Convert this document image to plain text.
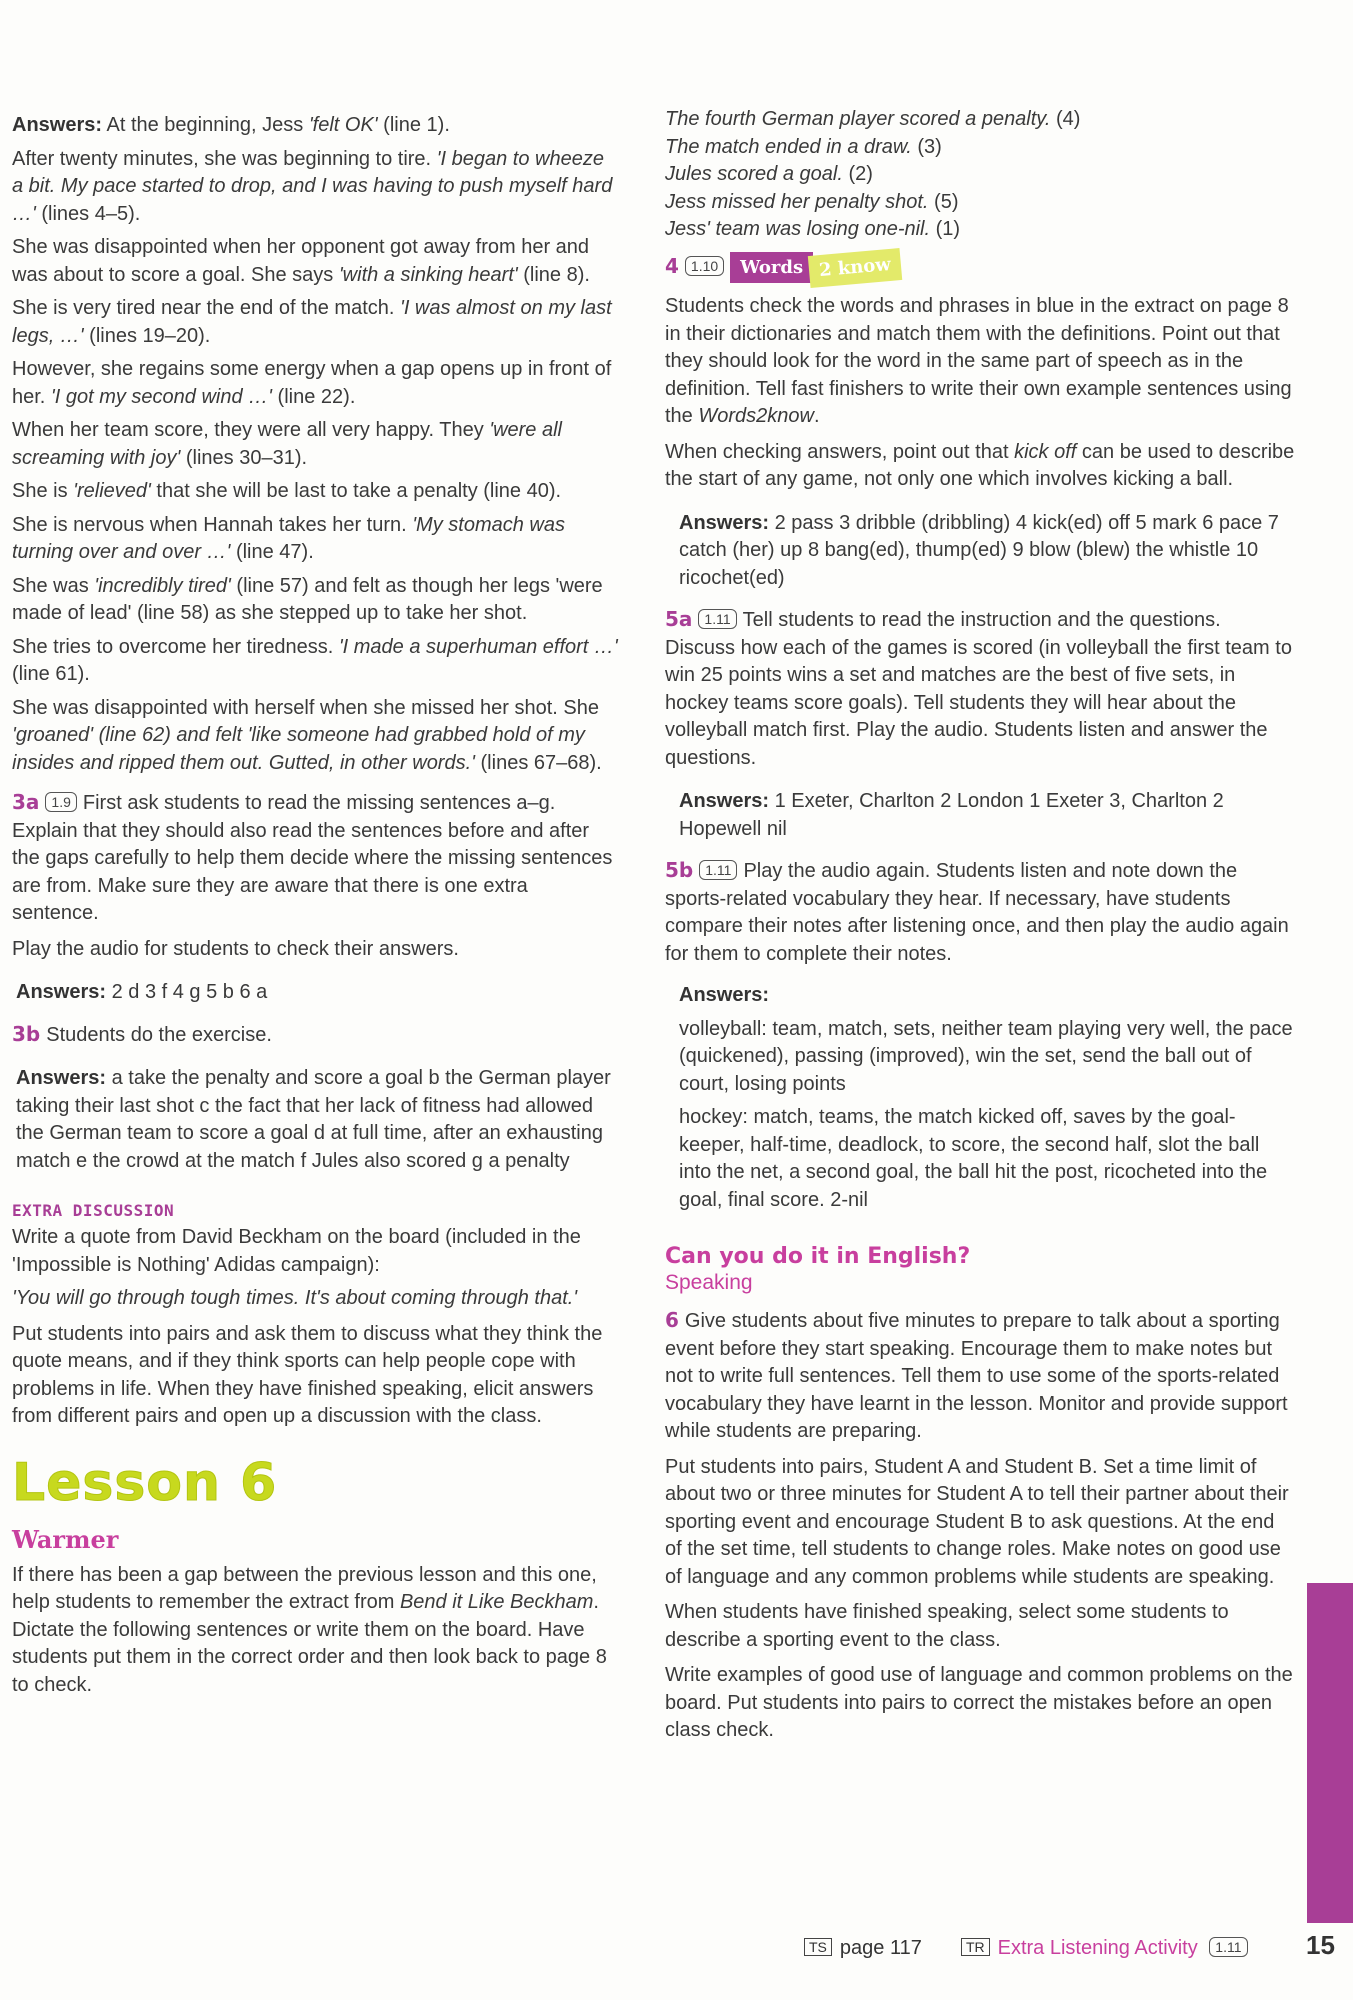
Answers: At the beginning, Jess 'felt OK' (line 1).

After twenty minutes, she was beginning to tire. 'I began to wheeze a bit. My pace started to drop, and I was having to push myself hard …' (lines 4–5).

She was disappointed when her opponent got away from her and was about to score a goal. She says 'with a sinking heart' (line 8).

She is very tired near the end of the match. 'I was almost on my last legs, …' (lines 19–20).

However, she regains some energy when a gap opens up in front of her. 'I got my second wind …' (line 22).

When her team score, they were all very happy. They 'were all screaming with joy' (lines 30–31).

She is 'relieved' that she will be last to take a penalty (line 40).

She is nervous when Hannah takes her turn. 'My stomach was turning over and over …' (line 47).

She was 'incredibly tired' (line 57) and felt as though her legs 'were made of lead' (line 58) as she stepped up to take her shot.

She tries to overcome her tiredness. 'I made a superhuman effort …' (line 61).

She was disappointed with herself when she missed her shot. She 'groaned' (line 62) and felt 'like someone had grabbed hold of my insides and ripped them out. Gutted, in other words.' (lines 67–68).

3a 1.9 First ask students to read the missing sentences a–g. Explain that they should also read the sentences before and after the gaps carefully to help them decide where the missing sentences are from. Make sure they are aware that there is one extra sentence.

Play the audio for students to check their answers.

Answers: 2 d 3 f 4 g 5 b 6 a

3b Students do the exercise.

Answers: a take the penalty and score a goal b the German player taking their last shot c the fact that her lack of fitness had allowed the German team to score a goal d at full time, after an exhausting match e the crowd at the match f Jules also scored g a penalty

EXTRA DISCUSSION

Write a quote from David Beckham on the board (included in the 'Impossible is Nothing' Adidas campaign):

'You will go through tough times. It's about coming through that.'

Put students into pairs and ask them to discuss what they think the quote means, and if they think sports can help people cope with problems in life. When they have finished speaking, elicit answers from different pairs and open up a discussion with the class.

Lesson 6
Warmer

If there has been a gap between the previous lesson and this one, help students to remember the extract from Bend it Like Beckham. Dictate the following sentences or write them on the board. Have students put them in the correct order and then look back to page 8 to check.

The fourth German player scored a penalty. (4)

The match ended in a draw. (3)

Jules scored a goal. (2)

Jess missed her penalty shot. (5)

Jess' team was losing one-nil. (1)

4 1.10 Words 2 know

Students check the words and phrases in blue in the extract on page 8 in their dictionaries and match them with the definitions. Point out that they should look for the word in the same part of speech as in the definition. Tell fast finishers to write their own example sentences using the Words2know.

When checking answers, point out that kick off can be used to describe the start of any game, not only one which involves kicking a ball.

Answers: 2 pass 3 dribble (dribbling) 4 kick(ed) off 5 mark 6 pace 7 catch (her) up 8 bang(ed), thump(ed) 9 blow (blew) the whistle 10 ricochet(ed)

5a 1.11 Tell students to read the instruction and the questions. Discuss how each of the games is scored (in volleyball the first team to win 25 points wins a set and matches are the best of five sets, in hockey teams score goals). Tell students they will hear about the volleyball match first. Play the audio. Students listen and answer the questions.

Answers: 1 Exeter, Charlton 2 London 1 Exeter 3, Charlton 2 Hopewell nil

5b 1.11 Play the audio again. Students listen and note down the sports-related vocabulary they hear. If necessary, have students compare their notes after listening once, and then play the audio again for them to complete their notes.

Answers:

volleyball: team, match, sets, neither team playing very well, the pace (quickened), passing (improved), win the set, send the ball out of court, losing points

hockey: match, teams, the match kicked off, saves by the goal-keeper, half-time, deadlock, to score, the second half, slot the ball into the net, a second goal, the ball hit the post, ricocheted into the goal, final score. 2-nil

Can you do it in English?
Speaking

6 Give students about five minutes to prepare to talk about a sporting event before they start speaking. Encourage them to make notes but not to write full sentences. Tell them to use some of the sports-related vocabulary they have learnt in the lesson. Monitor and provide support while students are preparing.

Put students into pairs, Student A and Student B. Set a time limit of about two or three minutes for Student A to tell their partner about their sporting event and encourage Student B to ask questions. At the end of the set time, tell students to change roles. Make notes on good use of language and any common problems while students are speaking.

When students have finished speaking, select some students to describe a sporting event to the class.

Write examples of good use of language and common problems on the board. Put students into pairs to correct the mistakes before an open class check.

TS page 117	TR Extra Listening Activity 1.11	15
